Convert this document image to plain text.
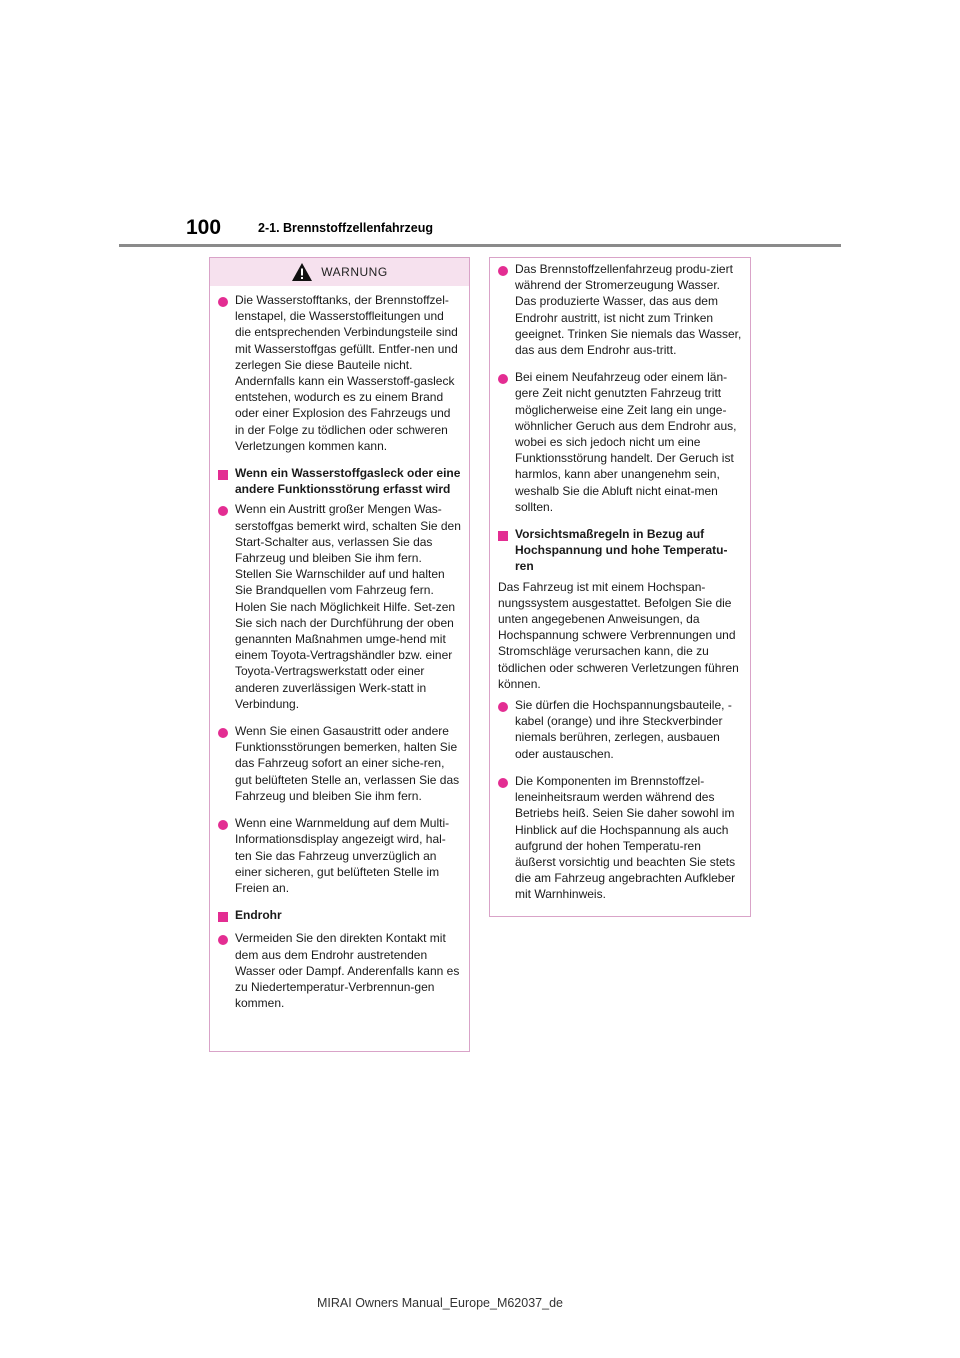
100	2-1. Brennstoffzellenfahrzeug
WARNUNG
Die Wasserstofftanks, der Brennstoffzel-lenstapel, die Wasserstoffleitungen und die entsprechenden Verbindungsteile sind mit Wasserstoffgas gefüllt. Entfer-nen und zerlegen Sie diese Bauteile nicht. Andernfalls kann ein Wasserstoff-gasleck entstehen, wodurch es zu einem Brand oder einer Explosion des Fahrzeugs und in der Folge zu tödlichen oder schweren Verletzungen kommen kann.
Wenn ein Wasserstoffgasleck oder eine andere Funktionsstörung erfasst wird
Wenn ein Austritt großer Mengen Was-serstoffgas bemerkt wird, schalten Sie den Start-Schalter aus, verlassen Sie das Fahrzeug und bleiben Sie ihm fern. Stellen Sie Warnschilder auf und halten Sie Brandquellen vom Fahrzeug fern. Holen Sie nach Möglichkeit Hilfe. Set-zen Sie sich nach der Durchführung der oben genannten Maßnahmen umge-hend mit einem Toyota-Vertragshändler bzw. einer Toyota-Vertragswerkstatt oder einer anderen zuverlässigen Werk-statt in Verbindung.
Wenn Sie einen Gasaustritt oder andere Funktionsstörungen bemerken, halten Sie das Fahrzeug sofort an einer siche-ren, gut belüfteten Stelle an, verlassen Sie das Fahrzeug und bleiben Sie ihm fern.
Wenn eine Warnmeldung auf dem Multi-Informationsdisplay angezeigt wird, hal-ten Sie das Fahrzeug unverzüglich an einer sicheren, gut belüfteten Stelle im Freien an.
Endrohr
Vermeiden Sie den direkten Kontakt mit dem aus dem Endrohr austretenden Wasser oder Dampf. Anderenfalls kann es zu Niedertemperatur-Verbrennun-gen kommen.
Das Brennstoffzellenfahrzeug produ-ziert während der Stromerzeugung Wasser. Das produzierte Wasser, das aus dem Endrohr austritt, ist nicht zum Trinken geeignet. Trinken Sie niemals das Wasser, das aus dem Endrohr aus-tritt.
Bei einem Neufahrzeug oder einem län-gere Zeit nicht genutzten Fahrzeug tritt möglicherweise eine Zeit lang ein unge-wöhnlicher Geruch aus dem Endrohr aus, wobei es sich jedoch nicht um eine Funktionsstörung handelt. Der Geruch ist harmlos, kann aber unangenehm sein, weshalb Sie die Abluft nicht einat-men sollten.
Vorsichtsmaßregeln in Bezug auf Hochspannung und hohe Temperatu-ren
Das Fahrzeug ist mit einem Hochspan-nungssystem ausgestattet. Befolgen Sie die unten angegebenen Anweisungen, da Hochspannung schwere Verbrennungen und Stromschläge verursachen kann, die zu tödlichen oder schweren Verletzungen führen können.
Sie dürfen die Hochspannungsbauteile, -kabel (orange) und ihre Steckverbinder niemals berühren, zerlegen, ausbauen oder austauschen.
Die Komponenten im Brennstoffzel-leneinheitsraum werden während des Betriebs heiß. Seien Sie daher sowohl im Hinblick auf die Hochspannung als auch aufgrund der hohen Temperatu-ren äußerst vorsichtig und beachten Sie stets die am Fahrzeug angebrachten Aufkleber mit Warnhinweis.
MIRAI Owners Manual_Europe_M62037_de
